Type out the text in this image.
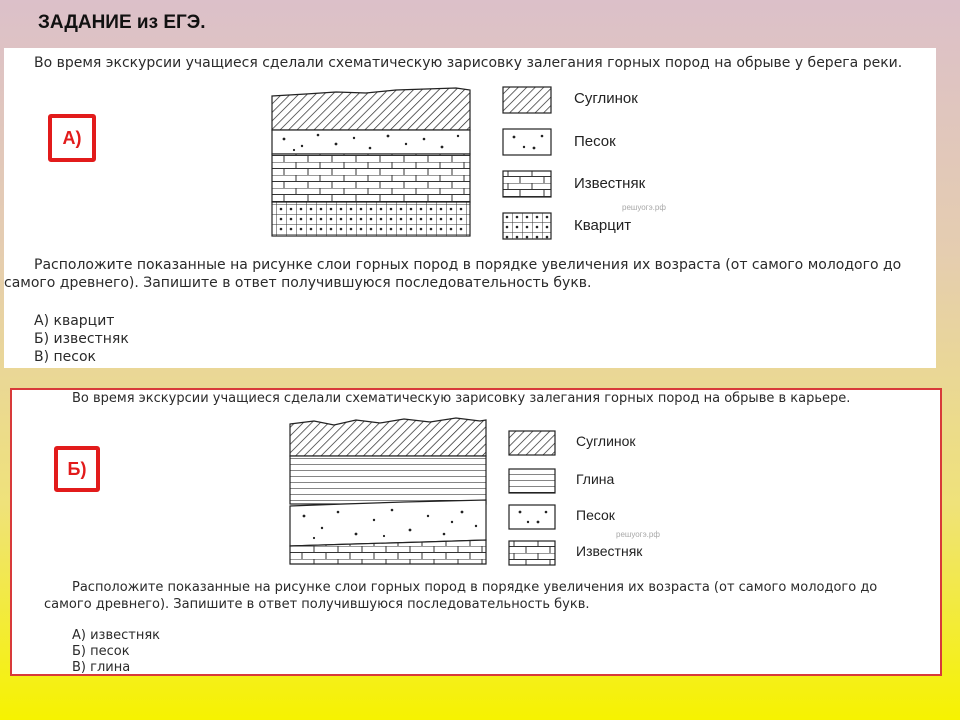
ЗАДАНИЕ из ЕГЭ.
Во время экскурсии учащиеся сделали схематическую зарисовку залегания горных пород на обрыве у берега реки.
А)
Суглинок
Песок
Известняк
Кварцит
решуогэ.рф
Расположите показанные на рисунке слои горных пород в порядке увеличения их возраста (от самого молодого до
самого древнего). Запишите в ответ получившуюся последовательность букв.
А) кварцит
Б) известняк
В) песок
Во время экскурсии учащиеся сделали схематическую зарисовку залегания горных пород на обрыве в карьере.
Б)
Суглинок
Глина
Песок
Известняк
решуогэ.рф
Расположите показанные на рисунке слои горных пород в порядке увеличения их возраста (от самого молодого до
самого древнего). Запишите в ответ получившуюся последовательность букв.
А) известняк
Б) песок
В) глина
